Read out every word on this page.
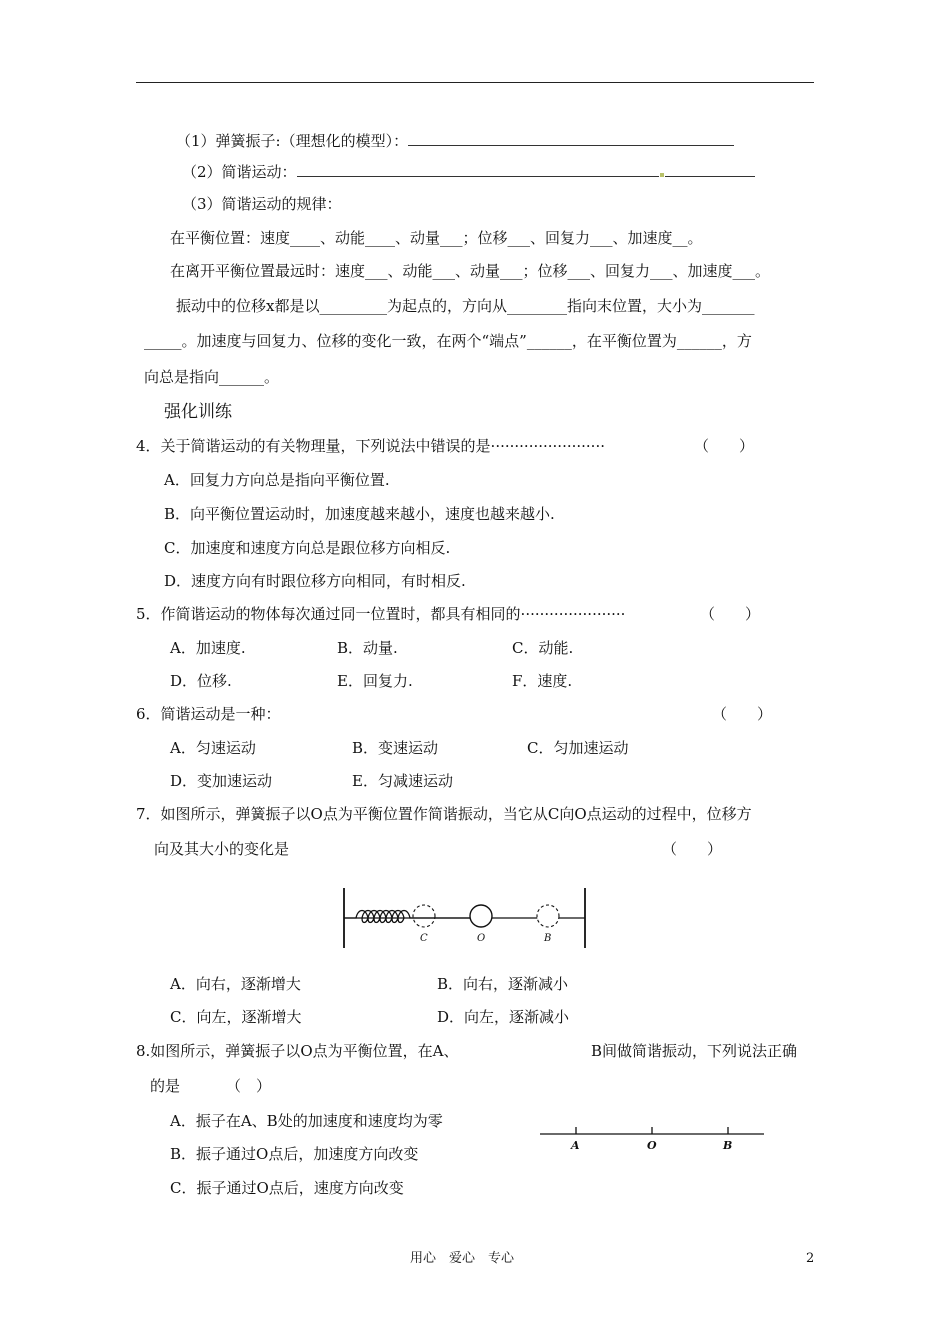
（1）弹簧振子:（理想化的模型）：
（2）简谐运动：
（3）简谐运动的规律：
在平衡位置：速度____、动能____、动量___；位移___、回复力___、加速度__。
在离开平衡位置最远时：速度___、动能___、动量___；位移___、回复力___、加速度___。
振动中的位移x都是以_________为起点的，方向从________指向末位置，大小为_______
_____。加速度与回复力、位移的变化一致，在两个“端点”______，在平衡位置为______，方
向总是指向______。
强化训练
4．关于简谐运动的有关物理量，下列说法中错误的是························	（　　）
A．回复力方向总是指向平衡位置.
B．向平衡位置运动时，加速度越来越小，速度也越来越小.
C．加速度和速度方向总是跟位移方向相反.
D．速度方向有时跟位移方向相同，有时相反.
5．作简谐运动的物体每次通过同一位置时，都具有相同的······················	（　　）
A．加速度.	B．动量.	C．动能.
D．位移.	E．回复力.	F．速度.
6．简谐运动是一种：	（　　）
A．匀速运动	B．变速运动	C．匀加速运动
D．变加速运动	E．匀减速运动
7．如图所示，弹簧振子以O点为平衡位置作简谐振动，当它从C向O点运动的过程中，位移方
向及其大小的变化是	（　　）
C	O	B
A．向右，逐渐增大	B．向右，逐渐减小
C．向左，逐渐增大	D．向左，逐渐减小
8.如图所示，弹簧振子以O点为平衡位置，在A、	B间做简谐振动，下列说法正确
的是	（　）
A．振子在A、B处的加速度和速度均为零
B．振子通过O点后，加速度方向改变
C．振子通过O点后，速度方向改变
A	O	B
用心　爱心　专心	2
